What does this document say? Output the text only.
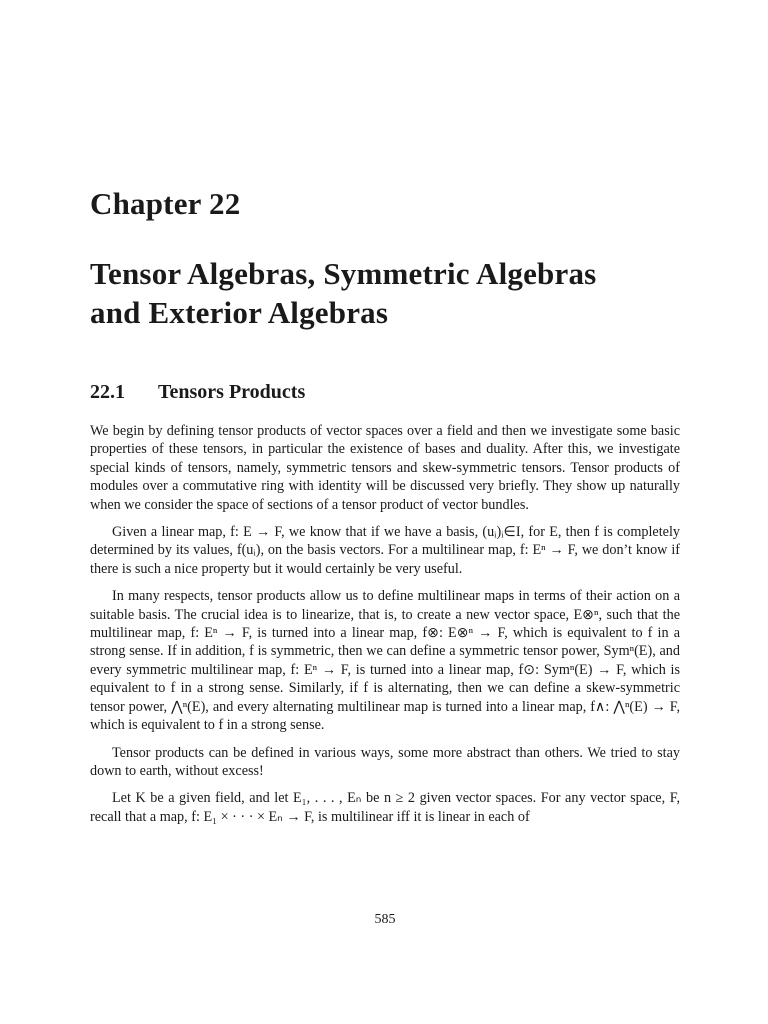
Chapter 22
Tensor Algebras, Symmetric Algebras
and Exterior Algebras
22.1 Tensors Products

We begin by defining tensor products of vector spaces over a field and then we investigate some basic properties of these tensors, in particular the existence of bases and duality. After this, we investigate special kinds of tensors, namely, symmetric tensors and skew-symmetric tensors. Tensor products of modules over a commutative ring with identity will be discussed very briefly. They show up naturally when we consider the space of sections of a tensor product of vector bundles.

Given a linear map, f: E → F, we know that if we have a basis, (uᵢ)ᵢ∈I, for E, then f is completely determined by its values, f(uᵢ), on the basis vectors. For a multilinear map, f: Eⁿ → F, we don’t know if there is such a nice property but it would certainly be very useful.

In many respects, tensor products allow us to define multilinear maps in terms of their action on a suitable basis. The crucial idea is to linearize, that is, to create a new vector space, E⊗ⁿ, such that the multilinear map, f: Eⁿ → F, is turned into a linear map, f⊗: E⊗ⁿ → F, which is equivalent to f in a strong sense. If in addition, f is symmetric, then we can define a symmetric tensor power, Symⁿ(E), and every symmetric multilinear map, f: Eⁿ → F, is turned into a linear map, f⊙: Symⁿ(E) → F, which is equivalent to f in a strong sense. Similarly, if f is alternating, then we can define a skew-symmetric tensor power, ⋀ⁿ(E), and every alternating multilinear map is turned into a linear map, f∧: ⋀ⁿ(E) → F, which is equivalent to f in a strong sense.

Tensor products can be defined in various ways, some more abstract than others. We tried to stay down to earth, without excess!

Let K be a given field, and let E₁, . . . , Eₙ be n ≥ 2 given vector spaces. For any vector space, F, recall that a map, f: E₁ × · · · × Eₙ → F, is multilinear iff it is linear in each of

585
